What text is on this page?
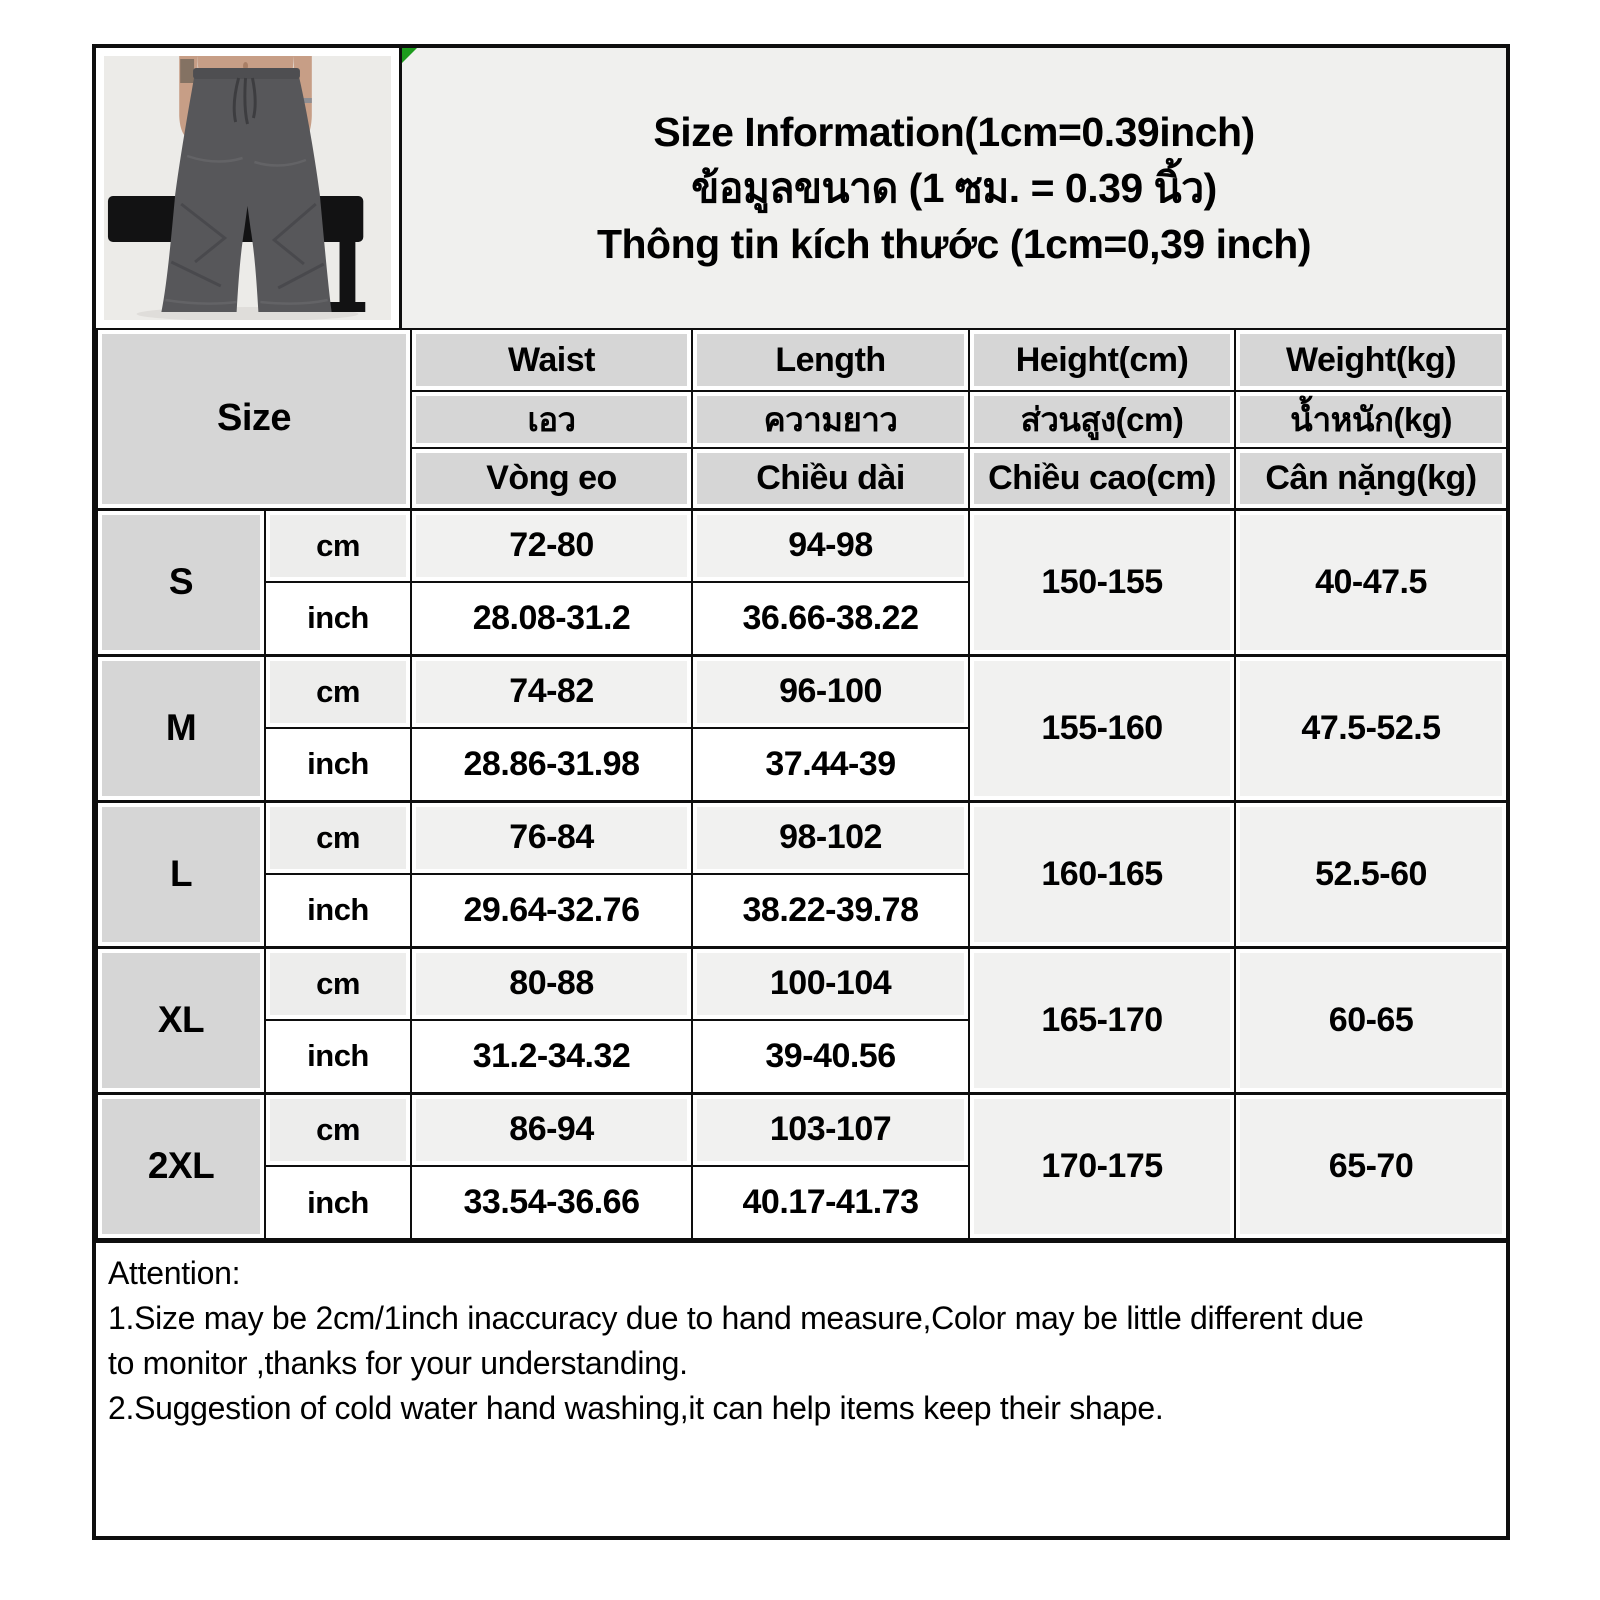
Size Information(1cm=0.39inch)
ข้อมูลขนาด (1 ซม. = 0.39 นิ้ว)
Thông tin kích thước (1cm=0,39 inch)
Size		Waist	Length	Height(cm)	Weight(kg)
		เอว	ความยาว	ส่วนสูง(cm)	น้ำหนัก(kg)
		Vòng eo	Chiều dài	Chiều cao(cm)	Cân nặng(kg)
S	cm	72-80	94-98	150-155	40-47.5
	inch	28.08-31.2	36.66-38.22		
M	cm	74-82	96-100	155-160	47.5-52.5
	inch	28.86-31.98	37.44-39		
L	cm	76-84	98-102	160-165	52.5-60
	inch	29.64-32.76	38.22-39.78		
XL	cm	80-88	100-104	165-170	60-65
	inch	31.2-34.32	39-40.56		
2XL	cm	86-94	103-107	170-175	65-70
	inch	33.54-36.66	40.17-41.73		
Attention:
1.Size may be 2cm/1inch inaccuracy due to hand measure,Color may be little different due
to monitor ,thanks for your understanding.
2.Suggestion of cold water hand washing,it can help items keep their shape.
